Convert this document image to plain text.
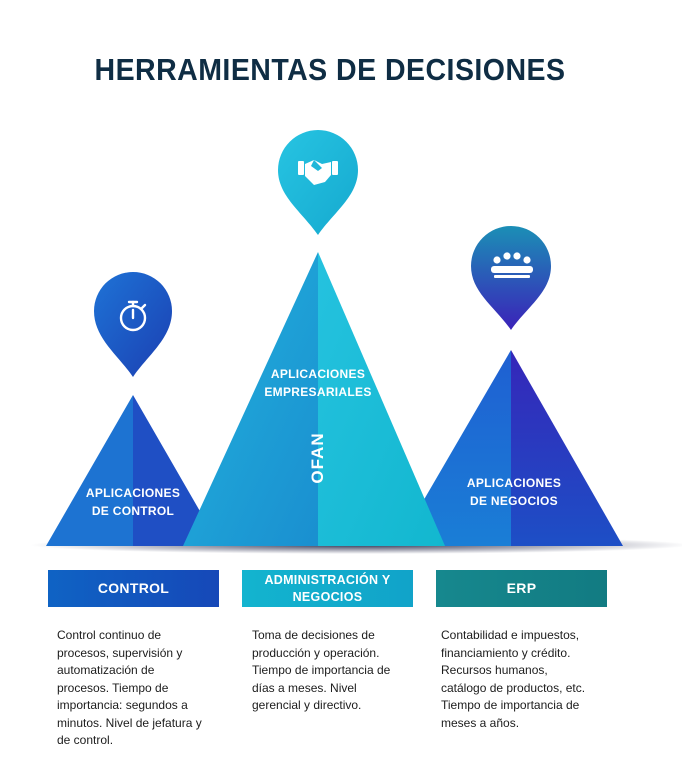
HERRAMIENTAS DE DECISIONES
APLICACIONES
DE CONTROL
APLICACIONES
EMPRESARIALES
OFAN	APLICACIONES
DE NEGOCIOS
CONTROL
ADMINISTRACIÓN Y
NEGOCIOS
ERP
Control continuo de
procesos, supervisión y
automatización de
procesos. Tiempo de
importancia: segundos a
minutos. Nivel de jefatura y
de control.
Toma de decisiones de
producción y operación.
Tiempo de importancia de
días a meses. Nivel
gerencial y directivo.
Contabilidad e impuestos,
financiamiento y crédito.
Recursos humanos,
catálogo de productos, etc.
Tiempo de importancia de
meses a años.
